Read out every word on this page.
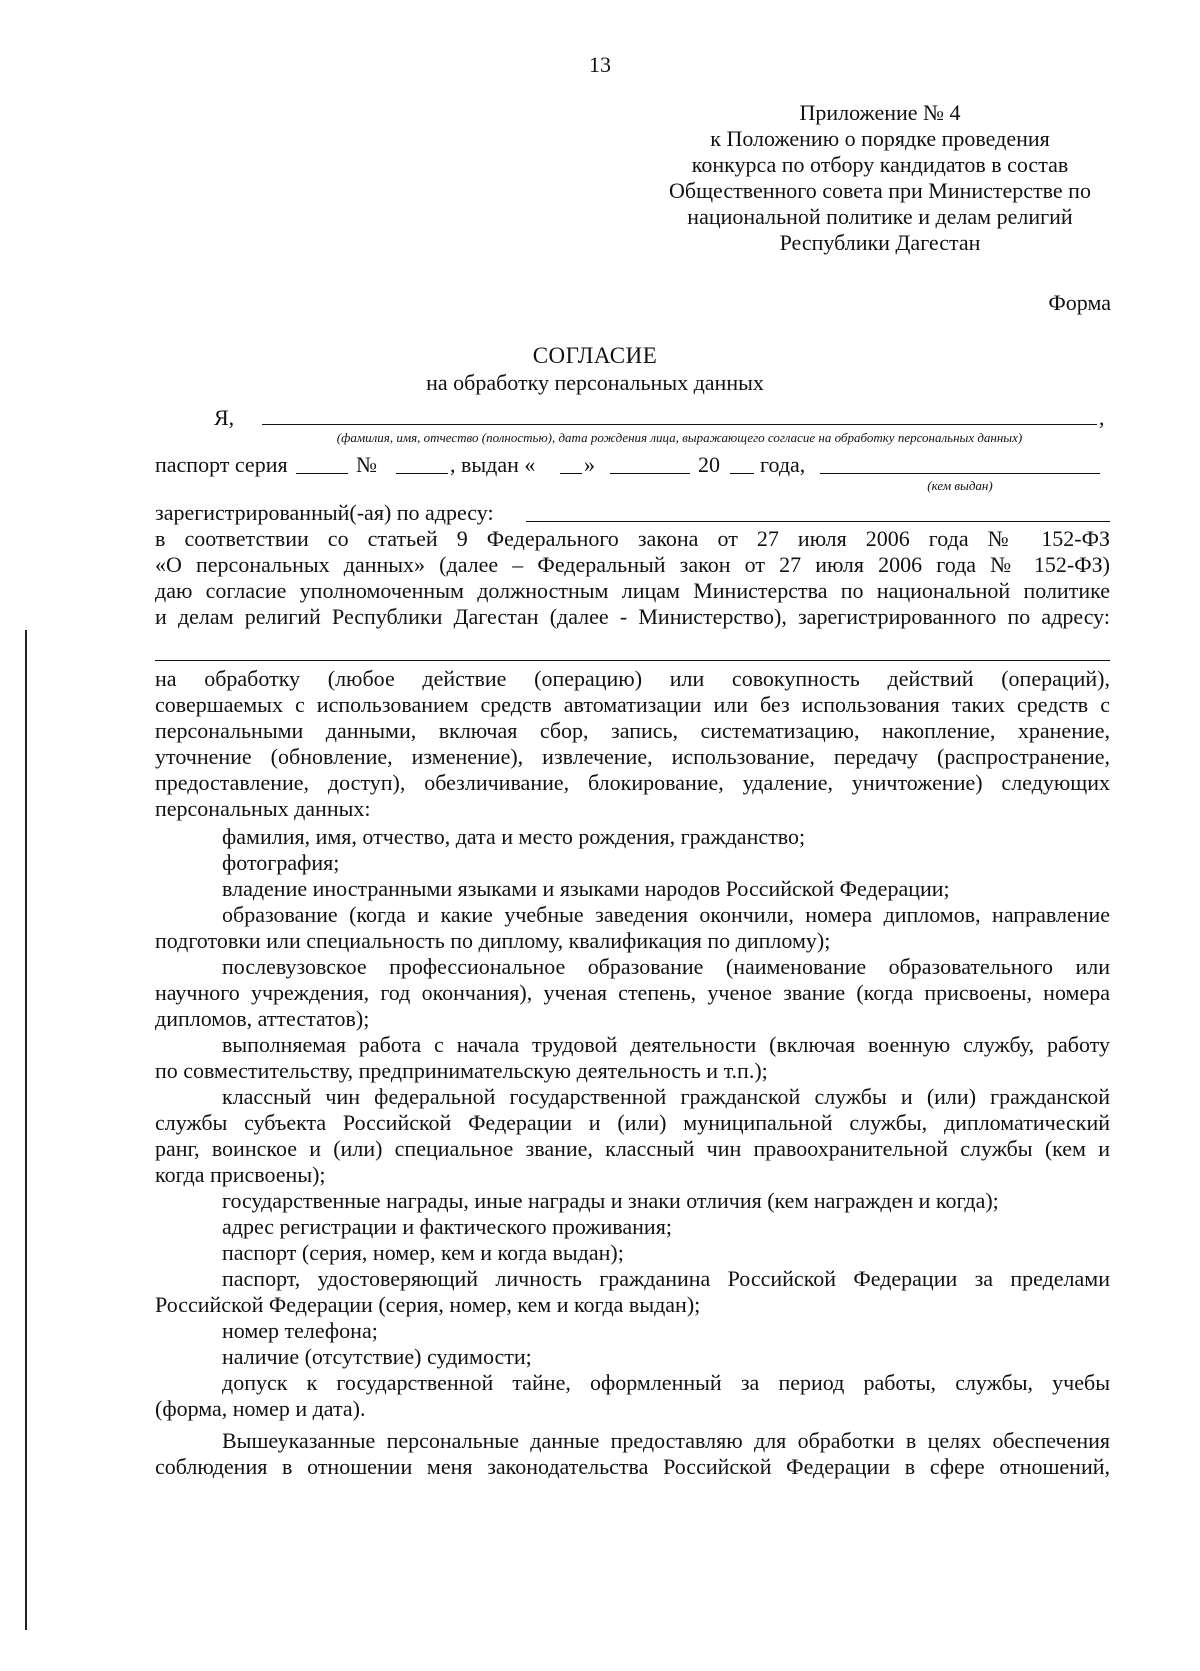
13
Приложение № 4
к Положению о порядке проведения
конкурса по отбору кандидатов в состав
Общественного совета при Министерстве по
национальной политике и делам религий
Республики Дагестан
Форма
СОГЛАСИЕ
на обработку персональных данных
Я,	,
(фамилия, имя, отчество (полностью), дата рождения лица, выражающего согласие на обработку персональных данных)
паспорт серия	№	, выдан « »	20 года,
(кем выдан)
зарегистрированный(-ая) по адресу:
в соответствии со статьей 9 Федерального закона от 27 июля 2006 года № 152-ФЗ
«О персональных данных» (далее – Федеральный закон от 27 июля 2006 года № 152-ФЗ)
даю согласие уполномоченным должностным лицам Министерства по национальной политике
и делам религий Республики Дагестан (далее - Министерство), зарегистрированного по адресу:
на обработку (любое действие (операцию) или совокупность действий (операций),
совершаемых с использованием средств автоматизации или без использования таких средств с
персональными данными, включая сбор, запись, систематизацию, накопление, хранение,
уточнение (обновление, изменение), извлечение, использование, передачу (распространение,
предоставление, доступ), обезличивание, блокирование, удаление, уничтожение) следующих
персональных данных:
фамилия, имя, отчество, дата и место рождения, гражданство;
фотография;
владение иностранными языками и языками народов Российской Федерации;
образование (когда и какие учебные заведения окончили, номера дипломов, направление
подготовки или специальность по диплому, квалификация по диплому);
послевузовское профессиональное образование (наименование образовательного или
научного учреждения, год окончания), ученая степень, ученое звание (когда присвоены, номера
дипломов, аттестатов);
выполняемая работа с начала трудовой деятельности (включая военную службу, работу
по совместительству, предпринимательскую деятельность и т.п.);
классный чин федеральной государственной гражданской службы и (или) гражданской
службы субъекта Российской Федерации и (или) муниципальной службы, дипломатический
ранг, воинское и (или) специальное звание, классный чин правоохранительной службы (кем и
когда присвоены);
государственные награды, иные награды и знаки отличия (кем награжден и когда);
адрес регистрации и фактического проживания;
паспорт (серия, номер, кем и когда выдан);
паспорт, удостоверяющий личность гражданина Российской Федерации за пределами
Российской Федерации (серия, номер, кем и когда выдан);
номер телефона;
наличие (отсутствие) судимости;
допуск к государственной тайне, оформленный за период работы, службы, учебы
(форма, номер и дата).
Вышеуказанные персональные данные предоставляю для обработки в целях обеспечения
соблюдения в отношении меня законодательства Российской Федерации в сфере отношений,
